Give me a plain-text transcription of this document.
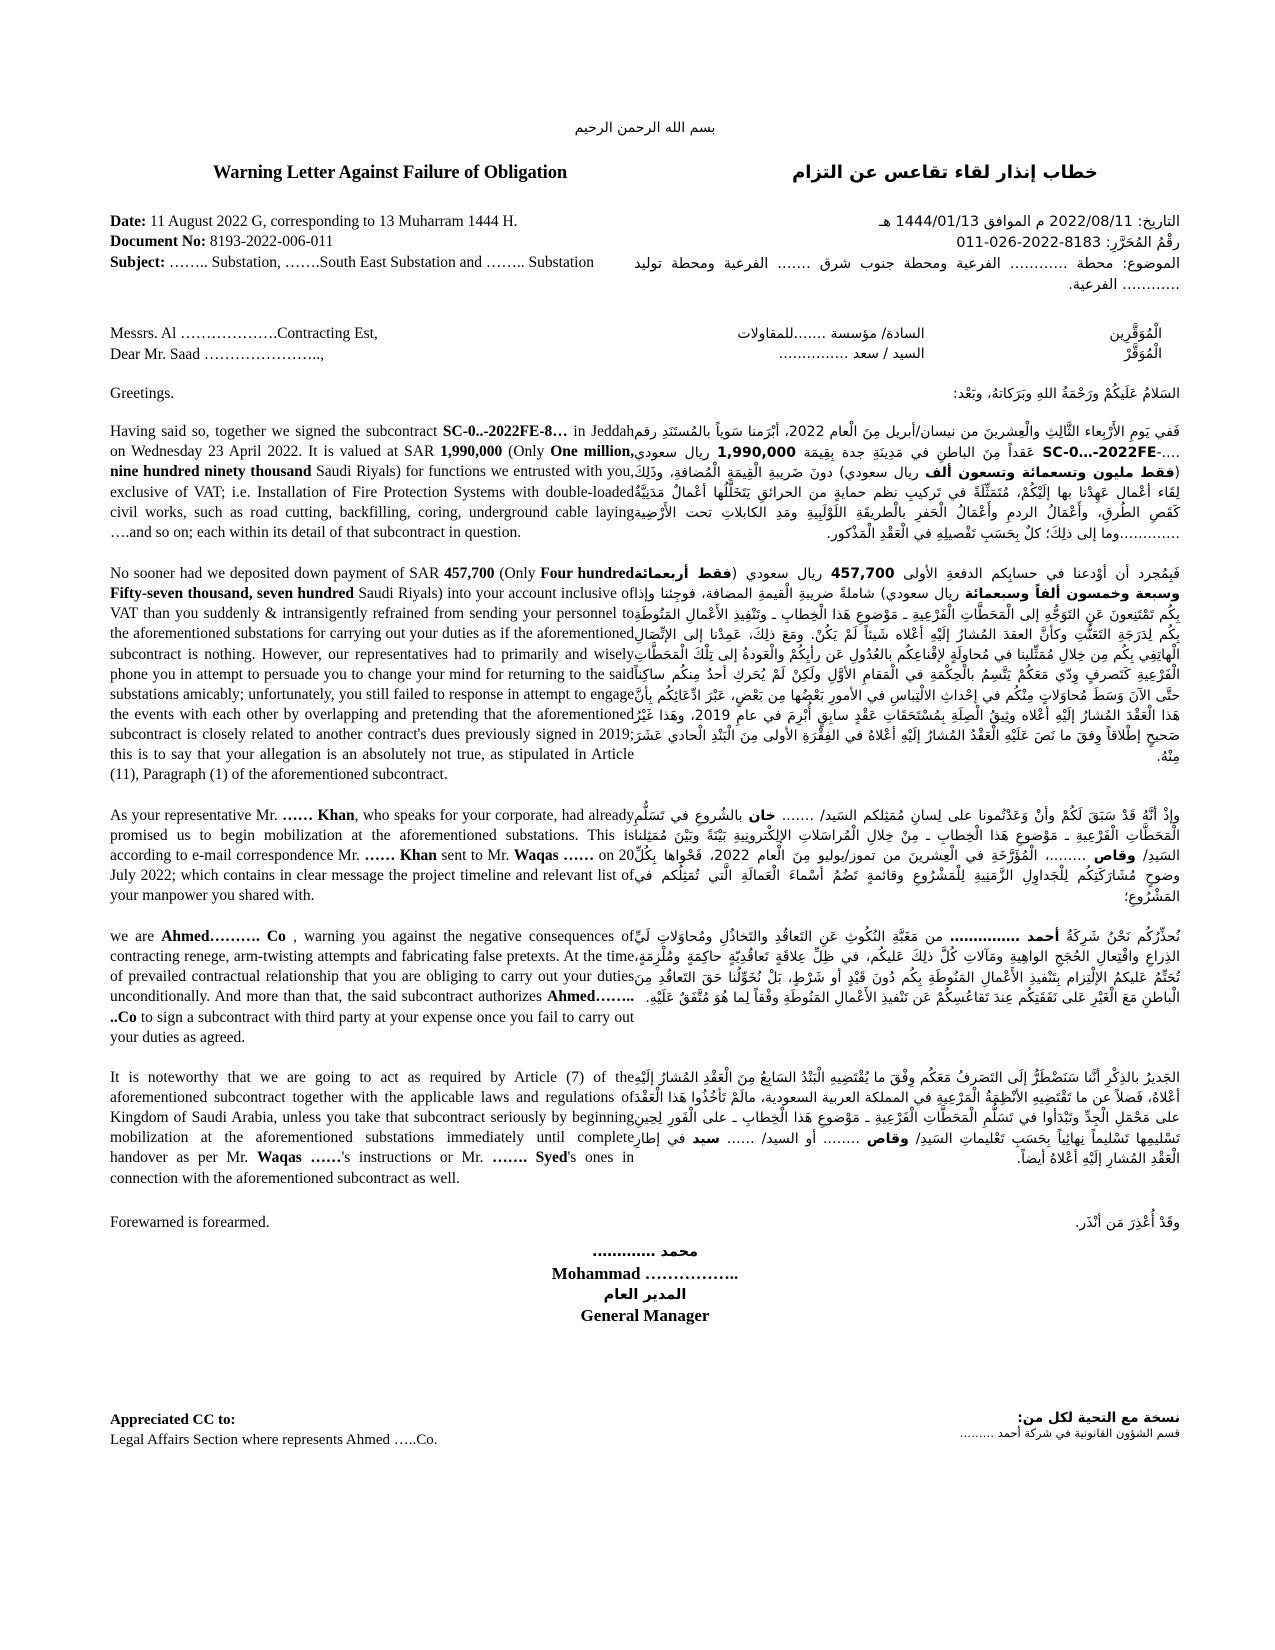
بسم الله الرحمن الرحيم
Warning Letter Against Failure of Obligation	خطاب إنذار لقاء تقاعس عن التزام
Date: 11 August 2022 G, corresponding to 13 Muharram 1444 H.
Document No: 8193-2022-006-011
Subject: …….. Substation, …….South East Substation and …….. Substation
التاريخ: 2022/08/11 م الموافق 1444/01/13 هـ
رقْمُ المُحَرَّرِ: 8183-2022-026-011
الموضوع: محطة ………… الفرعية ومحطة جنوب شرق ……. الفرعية ومحطة توليد ………… الفرعية.
Messrs. Al ……………….Contracting Est,
Dear Mr. Saad …………………..,
الْمُوَقَّرِين
السادة/ مؤسسة …….للمقاولات
الْمُوَقَّرْ
السيد / سعد ……………
Greetings.	السَلامُ عَلَيكُمْ ورَحْمَةُ اللهِ وبَرَكاتهُ، وبَعْد:

Having said so, together we signed the subcontract SC-0..-2022FE-8… in Jeddah on Wednesday 23 April 2022. It is valued at SAR 1,990,000 (Only One million, nine hundred ninety thousand Saudi Riyals) for functions we entrusted with you, exclusive of VAT; i.e. Installation of Fire Protection Systems with double-loaded civil works, such as road cutting, backfilling, coring, underground cable laying ….and so on; each within its detail of that subcontract in question.

فَفي يَومِ الأَرْبِعاء الثَّالِثِ والْعِشرينَ من نيسان/أبريل مِنَ الْعام 2022، أبْرَمنا سَوياً بالمُستَنَدِ رقم ….-SC-0…-2022FE عَقداً مِنَ الباطنِ في مَدِينَةِ جدة بِقِيمَة 1,990,000 ريال سعودي (فقط مليون وتسعمائة وتسعون ألف ريال سعودي) دونَ ضَريبةِ الْقِيمَةِ الْمُضافةِ، وذَلِكَ لِقَاء أعْمال عَهِدْنا بها إلَيْكُمْ، مُتَمَثِّلَةً في تَركيبِ نظم حمايةٍ من الحرائقِ يَتَخَلَّلُها أعْمالٌ مَدَنِيَّةٌ كَقَصِ الطُرقِ، وأَعْمَالُ الردمِ وأَعْمَالُ الْحَفرِ بالْطريقَةِ اللَوْلَبِيةِ ومَدِ الكابلاتِ تحت الأَرْضِية ………….وما إلى ذلِكَ؛ كلٌ بِحَسَبِ تَفْصيلِهِ في الْعَقْدِ الْمَذْكور.

No sooner had we deposited down payment of SAR 457,700 (Only Four hundred Fifty-seven thousand, seven hundred Saudi Riyals) into your account inclusive of VAT than you suddenly & intransigently refrained from sending your personnel to the aforementioned substations for carrying out your duties as if the aforementioned subcontract is nothing. However, our representatives had to primarily and wisely phone you in attempt to persuade you to change your mind for returning to the said substations amicably; unfortunately, you still failed to response in attempt to engage the events with each other by overlapping and pretending that the aforementioned subcontract is closely related to another contract's dues previously signed in 2019; this is to say that your allegation is an absolutely not true, as stipulated in Article (11), Paragraph (1) of the aforementioned subcontract.

فَبِمُجرد أن أوْدعنا في حسابِكم الدفعةِ الأولى 457,700 ريال سعودي (فقط أربعمائة وسبعة وخمسون ألفاً وسبعمائة ريال سعودي) شاملةً ضريبةِ الْقيمةِ المضافة، فوجِئنا وإذا بِكُم تَمْتَنِعونَ عَنِ التَوَجُّهِ إلى الْمَحَطَّاتِ الْفَرْعِيةِ ـ مَوْضوعِ هَذا الْخِطابِ ـ وتَنْفِيذِ الأَعْمالِ المَنُوطَةِ بِكُم لِدَرَجَةِ التَعَنُّتِ وكأنَّ العقدَ المُشارُ إلَيْهِ أعْلاه شَيئاً لَمْ يَكُنْ. ومَعَ ذلِكَ، عَمِدْنا إلى الإتِّصَالِ الْهاتِفِي بِكُم مِن خِلالِ مُمَثِّلينا في مُحاولَةٍ لإقْناعِكُم بالعُدُولِ عَن رأيِكُمْ والْعَودةُ إلى تِلْكَ الْمَحَطَّاتِ الْفَرْعِيةِ كَتَصرفٍ وِدّي مَعَكُمْ يَتَّسِمُ بالْحِكْمَةِ في الْمَقامِ الأوَّلِ ولَكِنْ لَمْ يُحَركِ أحدٌ مِنكُم ساكِناً حتَّى الآنَ وَسَطَ مُحاوَلاتٍ مِنْكُم في إحْداثِ الالْتِباسِ في الأمورِ بَعْضُها مِن بَعْضٍ، عَبْرَ ادِّعَائِكُم بِأنَّ هَذا الْعَقْدَ المُشارُ إلَيْهِ أعْلاه وثِيقُ الْصِلَةِ بِمُسْتَحَقَاتِ عَقْدٍ سابِقٍ أُبْرِمَ في عامِ 2019، وهَذا غَيْرُ صَحيحٍ إطْلاقاً وِفقَ ما نَصَ عَلَيْهِ الْعَقْدُ المُشارُ إلَيْهِ أعْلاهُ في الفِقْرَةِ الأولى مِنَ الْبَنْدِ الْحادي عَشَرَ مِنْهُ.

As your representative Mr. …… Khan, who speaks for your corporate, had already promised us to begin mobilization at the aforementioned substations. This is according to e-mail correspondence Mr. …… Khan sent to Mr. Waqas …… on 20 July 2022; which contains in clear message the project timeline and relevant list of your manpower you shared with.

وإذْ أنَّهُ قَدْ سَبَقَ لَكُمْ وأنْ وَعَدْتُمونا على لِسانِ مُمَثِلكم السَيد/ ……. خان بالشُروعِ في تَسَلُّمِ الْمَحَطَّاتِ الْفَرْعِيةِ ـ مَوْضوعِ هَذا الْخِطابِ ـ مِنْ خِلالِ الْمُراسَلاتِ الإلِكْترونِيةِ بَيْنَةً وبَيْنَ مُمَثِلنا السَيدِ/ وقاص ……..، الْمُؤَرَّخَةِ في الْعِشرينَ من تموز/يوليو مِنَ الْعام 2022، فَحْواها بِكُلِّ وضوحٍ مُشَارَكَتِكُم لِلْجَداوِلِ الزَّمَنِيةِ لِلْمَشْرُوعِ وقائمةٍ تَضُمُ أسْماءَ الْعَمالَةِ الَّتي تُمَثِلُكم في المَشْرُوعِ؛

we are Ahmed………. Co , warning you against the negative consequences of contracting renege, arm-twisting attempts and fabricating false pretexts. At the time of prevailed contractual relationship that you are obliging to carry out your duties unconditionally. And more than that, the said subcontract authorizes Ahmed…….. ..Co to sign a subcontract with third party at your expense once you fail to carry out your duties as agreed.

نُحذِّرُكُم نَحْنُ شَرِكَةُ أحمد …………… من مَغَبَّةِ النُكُوثِ عَنِ التَعاقُدِ والتَخاذُلِ ومُحاوَلاتِ لَيِّ الذِراعِ وافْتِعالِ الحُجَجِ الواهِيةِ ومَآلاتِ كُلَّ ذلِكَ عَليكُم، في ظِلِّ عِلاقَةٍ تَعاقُدِيّةٍ حاكِمَةٍ ومُلْزِمَةٍ، تُحَتِّمُ عَليكمُ الإلْتِزام بِتَنْفيذِ الأَعْمالِ المَنُوطَةِ بِكُم دُونَ قَيْدٍ أو شَرْطٍ، بَلْ نُخَوِّلُنا حَقَ التَعاقُدِ مِنَ الْباطنِ مَعَ الْغَيْرِ عَلى نَفَقَتِكُم عِندَ تَقاعُسِكُمْ عَن تَنْفيذِ الأَعْمالِ المَنُوطَةِ وفْقاً لِما هُوَ مُتَّفَقٌ عَلَيْهِ.

It is noteworthy that we are going to act as required by Article (7) of the aforementioned subcontract together with the applicable laws and regulations of Kingdom of Saudi Arabia, unless you take that subcontract seriously by beginning mobilization at the aforementioned substations immediately until complete handover as per Mr. Waqas ……'s instructions or Mr. ……. Syed's ones in connection with the aforementioned subcontract as well.

الجَديرُ بالذِكْرِ أنَّنا سَنَضْطَرُّ إلَى التَصَرفُ مَعَكُم وِفْقَ ما يُقْتَضِيهِ الْبَنْدُ السَابِعُ مِنَ الْعَقْدِ المُشارُ إلَيْهِ أعْلاهُ، فَضلاً عن ما تَقْتَضِيهِ الأنْظِمَةُ الْمَرْعِيةِ في المملكة العربية السعودية، مالَمْ تَأخُذُوا هَذا الْعَقْدَ على مَحْمَلِ الْجِدِّ وتَبْدَأوا في تَسَلُّمِ الْمَحَطَّاتِ الْفَرْعِيةِ ـ مَوْضوعِ هَذا الْخِطابِ ـ على الْفَورِ لِحِينِ تَسْليمِها تَسْليماً نِهائِياً بِحَسَبِ تَعْليماتِ السَيدِ/ وقاص …….. أو السيد/ …… سيد في إطارِ الْعَقْدِ المُشارِ إلَيْهِ أعْلاهُ أيضاً.

Forewarned is forearmed.	وقَدْ أُعْذِرَ مَن أنْذَر.
محمد ………….
Mohammad ……………..
المدير العام
General Manager
Appreciated CC to:
Legal Affairs Section where represents Ahmed …..Co.
نسخة مع التحية لكل من:
قسم الشؤون القانونية في شركة أحمد ………
